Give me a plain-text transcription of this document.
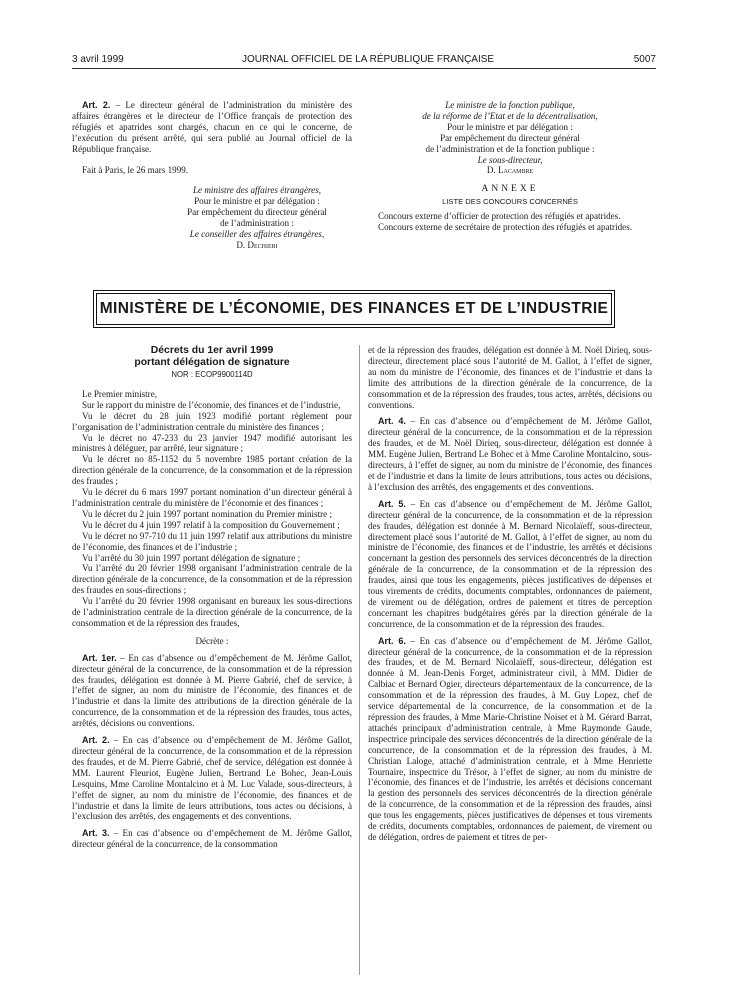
3 avril 1999	JOURNAL OFFICIEL DE LA RÉPUBLIQUE FRANÇAISE	5007

Art. 2. – Le directeur général de l’administration du ministère des affaires étrangères et le directeur de l’Office français de protection des réfugiés et apatrides sont chargés, chacun en ce qui le concerne, de l’exécution du présent arrêté, qui sera publié au Journal officiel de la République française.

Fait à Paris, le 26 mars 1999.

Le ministre des affaires étrangères,
Pour le ministre et par délégation :
Par empêchement du directeur général
de l’administration :
Le conseiller des affaires étrangères,
D. Dechieri
Le ministre de la fonction publique,
de la réforme de l’Etat et de la décentralisation,
Pour le ministre et par délégation :
Par empêchement du directeur général
de l’administration et de la fonction publique :
Le sous-directeur,
D. Lacambre
ANNEXE
LISTE DES CONCOURS CONCERNÉS

Concours externe d’officier de protection des réfugiés et apatrides.

Concours externe de secrétaire de protection des réfugiés et apatrides.

MINISTÈRE DE L’ÉCONOMIE, DES FINANCES ET DE L’INDUSTRIE
Décrets du 1er avril 1999
portant délégation de signature
NOR : ECOP9900114D

Le Premier ministre,

Sur le rapport du ministre de l’économie, des finances et de l’industrie,

Vu le décret du 28 juin 1923 modifié portant règlement pour l’organisation de l’administration centrale du ministère des finances ;

Vu le décret no 47-233 du 23 janvier 1947 modifié autorisant les ministres à déléguer, par arrêté, leur signature ;

Vu le décret no 85-1152 du 5 novembre 1985 portant création de la direction générale de la concurrence, de la consommation et de la répression des fraudes ;

Vu le décret du 6 mars 1997 portant nomination d’un directeur général à l’administration centrale du ministère de l’économie et des finances ;

Vu le décret du 2 juin 1997 portant nomination du Premier ministre ;

Vu le décret du 4 juin 1997 relatif à la composition du Gouvernement ;

Vu le décret no 97-710 du 11 juin 1997 relatif aux attributions du ministre de l’économie, des finances et de l’industrie ;

Vu l’arrêté du 30 juin 1997 portant délégation de signature ;

Vu l’arrêté du 20 février 1998 organisant l’administration centrale de la direction générale de la concurrence, de la consommation et de la répression des fraudes en sous-directions ;

Vu l’arrêté du 20 février 1998 organisant en bureaux les sous-directions de l’administration centrale de la direction générale de la concurrence, de la consommation et de la répression des fraudes,

Décrète :

Art. 1er. – En cas d’absence ou d’empêchement de M. Jérôme Gallot, directeur général de la concurrence, de la consommation et de la répression des fraudes, délégation est donnée à M. Pierre Gabrié, chef de service, à l’effet de signer, au nom du ministre de l’économie, des finances et de l’industrie et dans la limite des attributions de la direction générale de la concurrence, de la consommation et de la répression des fraudes, tous actes, arrêtés, décisions ou conventions.

Art. 2. – En cas d’absence ou d’empêchement de M. Jérôme Gallot, directeur général de la concurrence, de la consommation et de la répression des fraudes, et de M. Pierre Gabrié, chef de service, délégation est donnée à MM. Laurent Fleuriot, Eugène Julien, Bertrand Le Bohec, Jean-Louis Lesquins, Mme Caroline Montalcino et à M. Luc Valade, sous-directeurs, à l’effet de signer, au nom du ministre de l’économie, des finances et de l’industrie et dans la limite de leurs attributions, tous actes ou décisions, à l’exclusion des arrêtés, des engagements et des conventions.

Art. 3. – En cas d’absence ou d’empêchement de M. Jérôme Gallot, directeur général de la concurrence, de la consommation

et de la répression des fraudes, délégation est donnée à M. Noël Dirieq, sous-directeur, directement placé sous l’autorité de M. Gallot, à l’effet de signer, au nom du ministre de l’économie, des finances et de l’industrie et dans la limite des attributions de la direction générale de la concurrence, de la consommation et de la répression des fraudes, tous actes, arrêtés, décisions ou conventions.

Art. 4. – En cas d’absence ou d’empêchement de M. Jérôme Gallot, directeur général de la concurrence, de la consommation et de la répression des fraudes, et de M. Noël Dirieq, sous-directeur, délégation est donnée à MM. Eugène Julien, Bertrand Le Bohec et à Mme Caroline Montalcino, sous-directeurs, à l’effet de signer, au nom du ministre de l’économie, des finances et de l’industrie et dans la limite de leurs attributions, tous actes ou décisions, à l’exclusion des arrêtés, des engagements et des conventions.

Art. 5. – En cas d’absence ou d’empêchement de M. Jérôme Gallot, directeur général de la concurrence, de la consommation et de la répression des fraudes, délégation est donnée à M. Bernard Nicolaïeff, sous-directeur, directement placé sous l’autorité de M. Gallot, à l’effet de signer, au nom du ministre de l’économie, des finances et de l’industrie, les arrêtés et décisions concernant la gestion des personnels des services déconcentrés de la direction générale de la concurrence, de la consommation et de la répression des fraudes, ainsi que tous les engagements, pièces justificatives de dépenses et tous virements de crédits, documents comptables, ordonnances de paiement, de virement ou de délégation, ordres de paiement et titres de perception concernant les chapitres budgétaires gérés par la direction générale de la concurrence, de la consommation et de la répression des fraudes.

Art. 6. – En cas d’absence ou d’empêchement de M. Jérôme Gallot, directeur général de la concurrence, de la consommation et de la répression des fraudes, et de M. Bernard Nicolaïeff, sous-directeur, délégation est donnée à M. Jean-Denis Forget, administrateur civil, à MM. Didier de Calbiac et Bernard Ogier, directeurs départementaux de la concurrence, de la consommation et de la répression des fraudes, à M. Guy Lopez, chef de service départemental de la concurrence, de la consommation et de la répression des fraudes, à Mme Marie-Christine Noiset et à M. Gérard Barrat, attachés principaux d’administration centrale, à Mme Raymonde Gaude, inspectrice principale des services déconcentrés de la direction générale de la concurrence, de la consommation et de la répression des fraudes, à M. Christian Laloge, attaché d’administration centrale, et à Mme Henriette Tournaire, inspectrice du Trésor, à l’effet de signer, au nom du ministre de l’économie, des finances et de l’industrie, les arrêtés et décisions concernant la gestion des personnels des services déconcentrés de la direction générale de la concurrence, de la consommation et de la répression des fraudes, ainsi que tous les engagements, pièces justificatives de dépenses et tous virements de crédits, documents comptables, ordonnances de paiement, de virement ou de délégation, ordres de paiement et titres de per-
